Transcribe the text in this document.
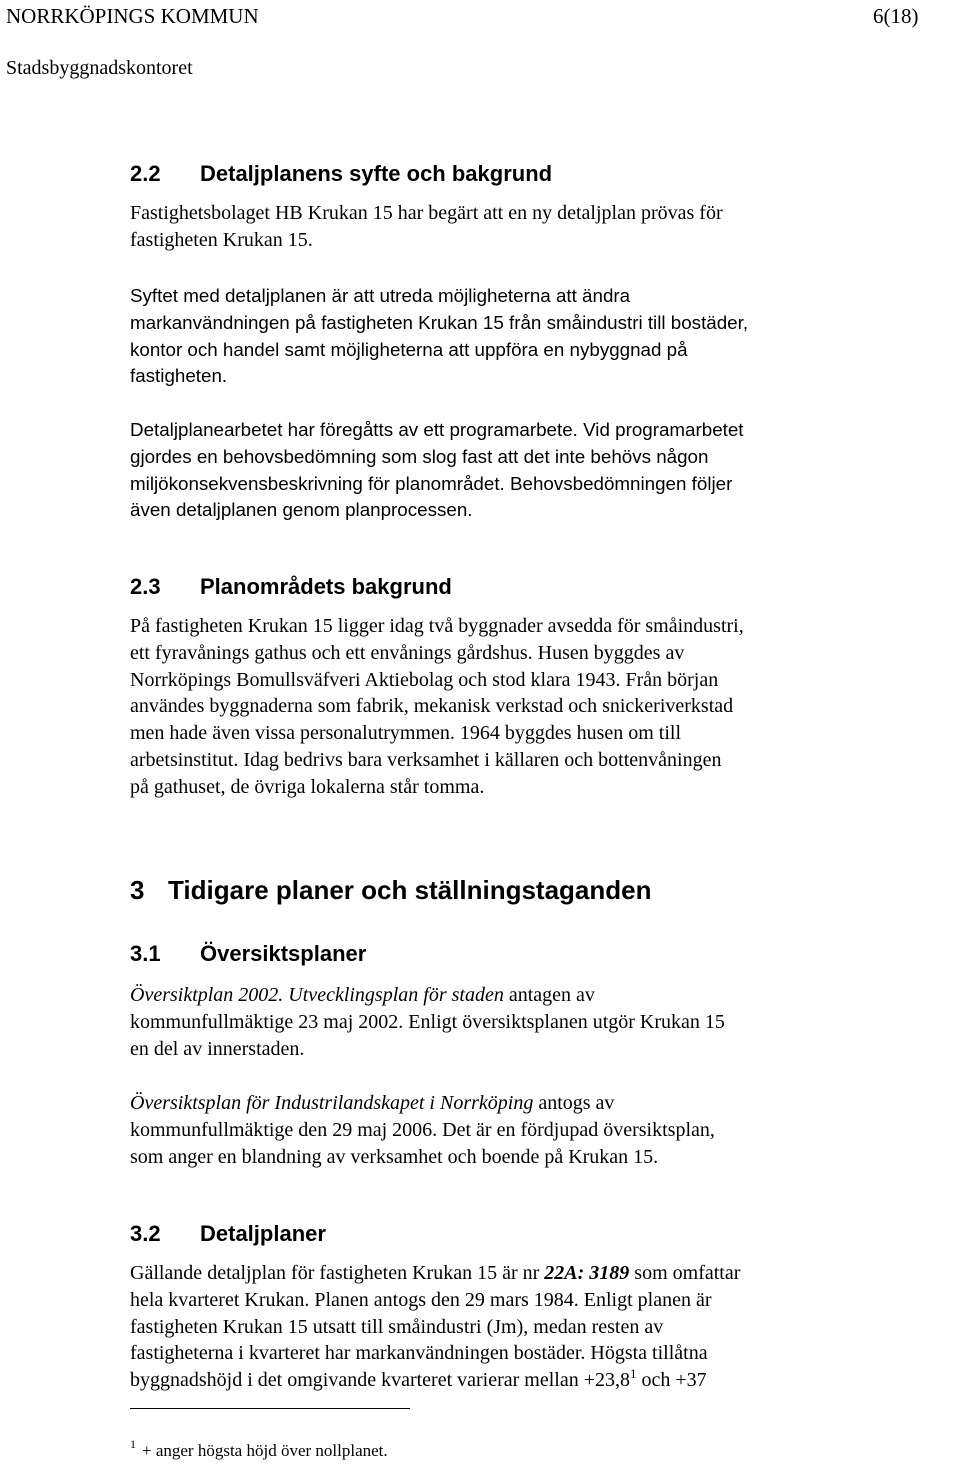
NORRKÖPINGS KOMMUN	6(18)
Stadsbyggnadskontoret
2.2 Detaljplanens syfte och bakgrund
Fastighetsbolaget HB Krukan 15 har begärt att en ny detaljplan prövas för
fastigheten Krukan 15.
Syftet med detaljplanen är att utreda möjligheterna att ändra
markanvändningen på fastigheten Krukan 15 från småindustri till bostäder,
kontor och handel samt möjligheterna att uppföra en nybyggnad på
fastigheten.
Detaljplanearbetet har föregåtts av ett programarbete. Vid programarbetet
gjordes en behovsbedömning som slog fast att det inte behövs någon
miljökonsekvensbeskrivning för planområdet. Behovsbedömningen följer
även detaljplanen genom planprocessen.
2.3 Planområdets bakgrund
På fastigheten Krukan 15 ligger idag två byggnader avsedda för småindustri,
ett fyravånings gathus och ett envånings gårdshus. Husen byggdes av
Norrköpings Bomullsväfveri Aktiebolag och stod klara 1943. Från början
användes byggnaderna som fabrik, mekanisk verkstad och snickeriverkstad
men hade även vissa personalutrymmen. 1964 byggdes husen om till
arbetsinstitut. Idag bedrivs bara verksamhet i källaren och bottenvåningen
på gathuset, de övriga lokalerna står tomma.
3 Tidigare planer och ställningstaganden
3.1 Översiktsplaner
Översiktplan 2002. Utvecklingsplan för staden antagen av
kommunfullmäktige 23 maj 2002. Enligt översiktsplanen utgör Krukan 15
en del av innerstaden.
Översiktsplan för Industrilandskapet i Norrköping antogs av
kommunfullmäktige den 29 maj 2006. Det är en fördjupad översiktsplan,
som anger en blandning av verksamhet och boende på Krukan 15.
3.2 Detaljplaner
Gällande detaljplan för fastigheten Krukan 15 är nr 22A: 3189 som omfattar
hela kvarteret Krukan. Planen antogs den 29 mars 1984. Enligt planen är
fastigheten Krukan 15 utsatt till småindustri (Jm), medan resten av
fastigheterna i kvarteret har markanvändningen bostäder. Högsta tillåtna
byggnadshöjd i det omgivande kvarteret varierar mellan $+23,8^1$ och +37
$^1$ + anger högsta höjd över nollplanet.
